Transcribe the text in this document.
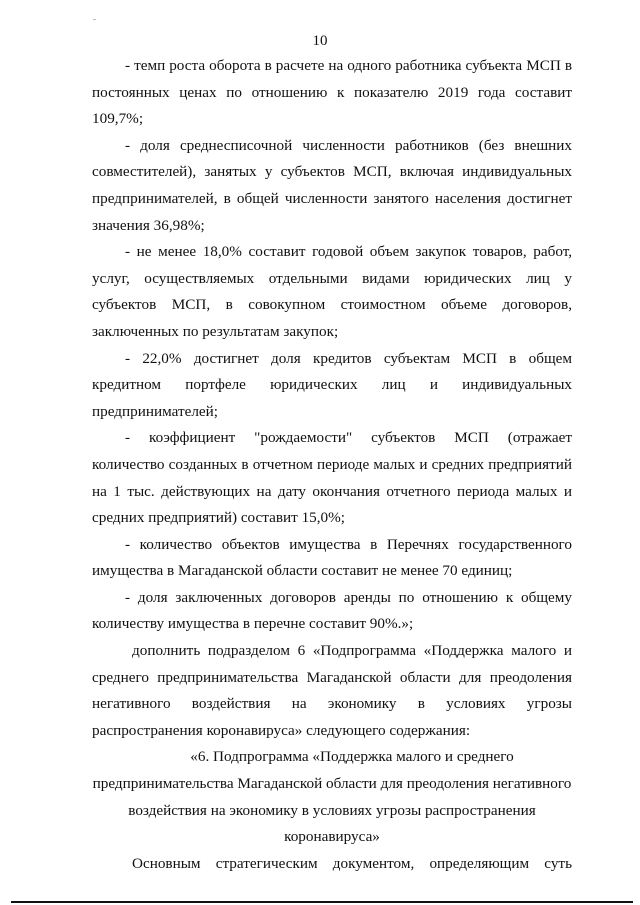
10

- темп роста оборота в расчете на одного работника субъекта МСП в постоянных ценах по отношению к показателю 2019 года составит 109,7%;

- доля среднесписочной численности работников (без внешних совместителей), занятых у субъектов МСП, включая индивидуальных предпринимателей, в общей численности занятого населения достигнет значения 36,98%;

- не менее 18,0% составит годовой объем закупок товаров, работ, услуг, осуществляемых отдельными видами юридических лиц у субъектов МСП, в совокупном стоимостном объеме договоров, заключенных по результатам закупок;

- 22,0% достигнет доля кредитов субъектам МСП в общем кредитном портфеле юридических лиц и индивидуальных предпринимателей;

- коэффициент "рождаемости" субъектов МСП (отражает количество созданных в отчетном периоде малых и средних предприятий на 1 тыс. действующих на дату окончания отчетного периода малых и средних предприятий) составит 15,0%;

- количество объектов имущества в Перечнях государственного имущества в Магаданской области составит не менее 70 единиц;

- доля заключенных договоров аренды по отношению к общему количеству имущества в перечне составит 90%.»;

дополнить подразделом 6 «Подпрограмма «Поддержка малого и среднего предпринимательства Магаданской области для преодоления негативного воздействия на экономику в условиях угрозы распространения коронавируса» следующего содержания:

«6. Подпрограмма «Поддержка малого и среднего

предпринимательства Магаданской области для преодоления негативного

воздействия на экономику в условиях угрозы распространения

коронавируса»

Основным стратегическим документом, определяющим суть
